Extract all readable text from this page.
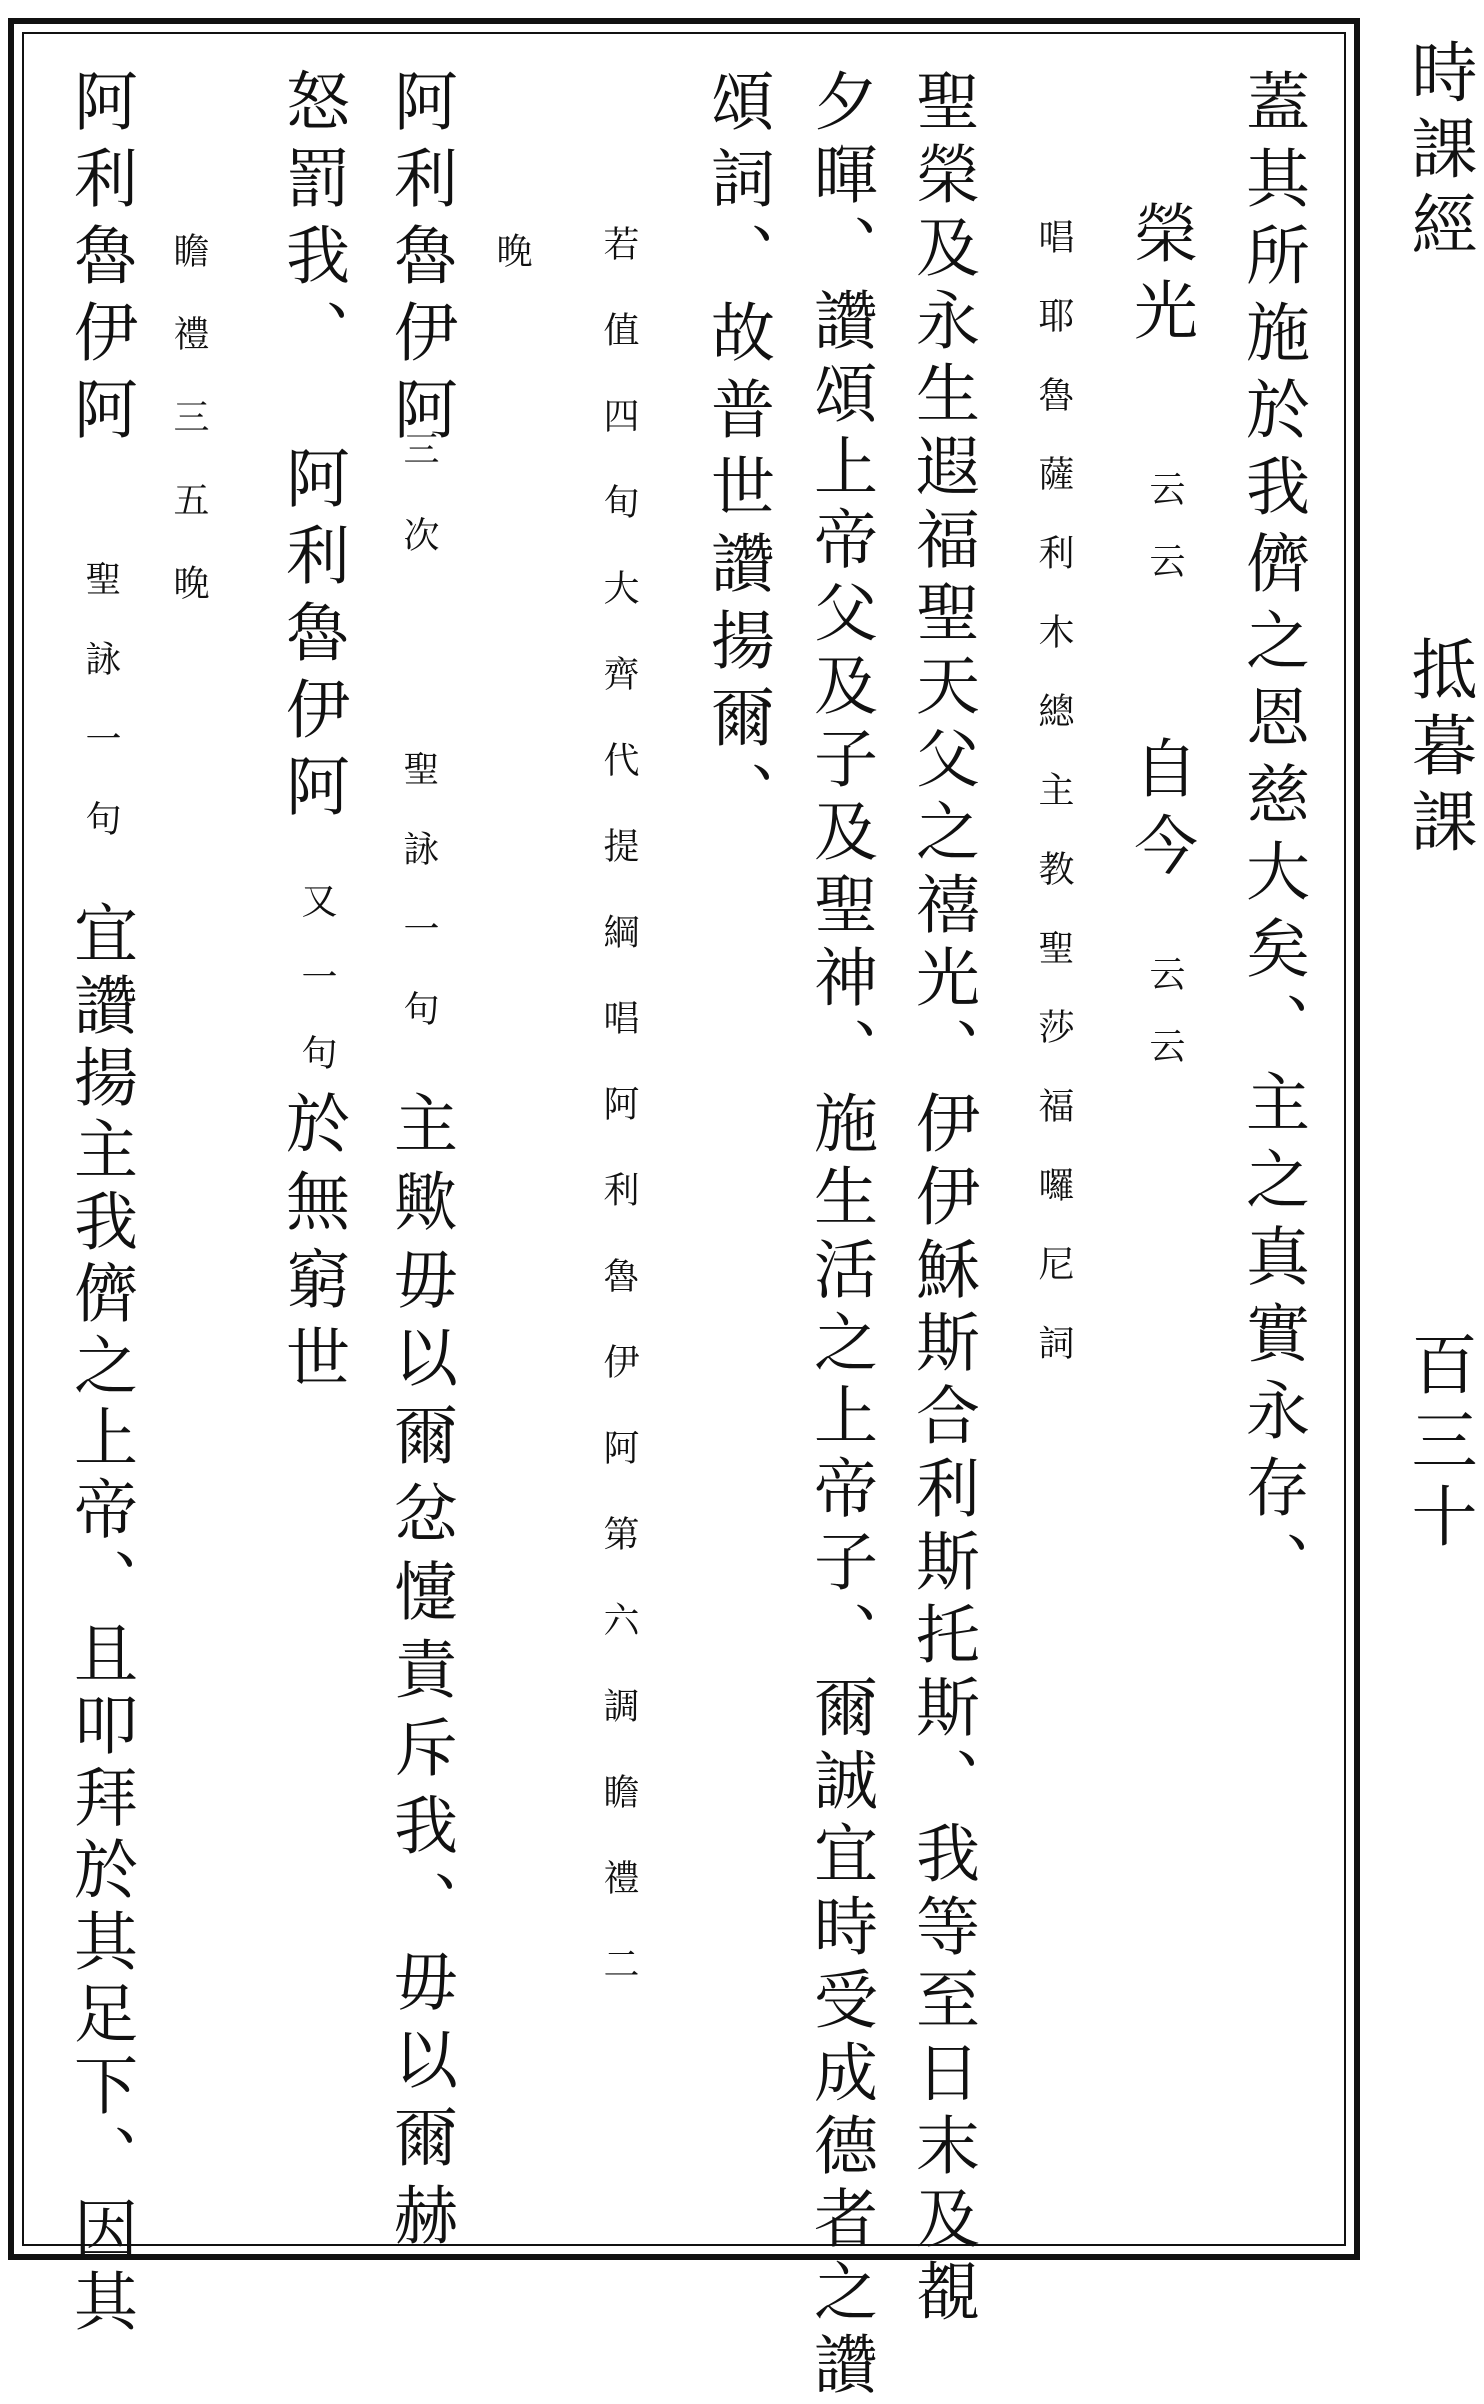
時課經
抵暮課
百三十
蓋其所施於我儕之恩慈大矣、主之真實永存、
榮光
云云
自今
云云
唱耶魯薩利木總主教聖莎福囉尼詞
聖榮及永生遐福聖天父之禧光、伊伊穌斯合利斯托斯、我等至日末及覩
夕暉、讚頌上帝父及子及聖神、施生活之上帝子、爾誠宜時受成德者之讚
頌詞、故普世讚揚爾、
若值四旬大齊代提綱唱阿利魯伊阿第六調瞻禮二
晚
阿利魯伊阿
三次
聖詠一句
主歟毋以爾忿懥責斥我、毋以爾赫
怒罰我、
阿利魯伊阿
又一句
於無窮世
瞻禮三五晚
阿利魯伊阿
聖詠一句
宜讚揚主我儕之上帝、且叩拜於其足下、因其
